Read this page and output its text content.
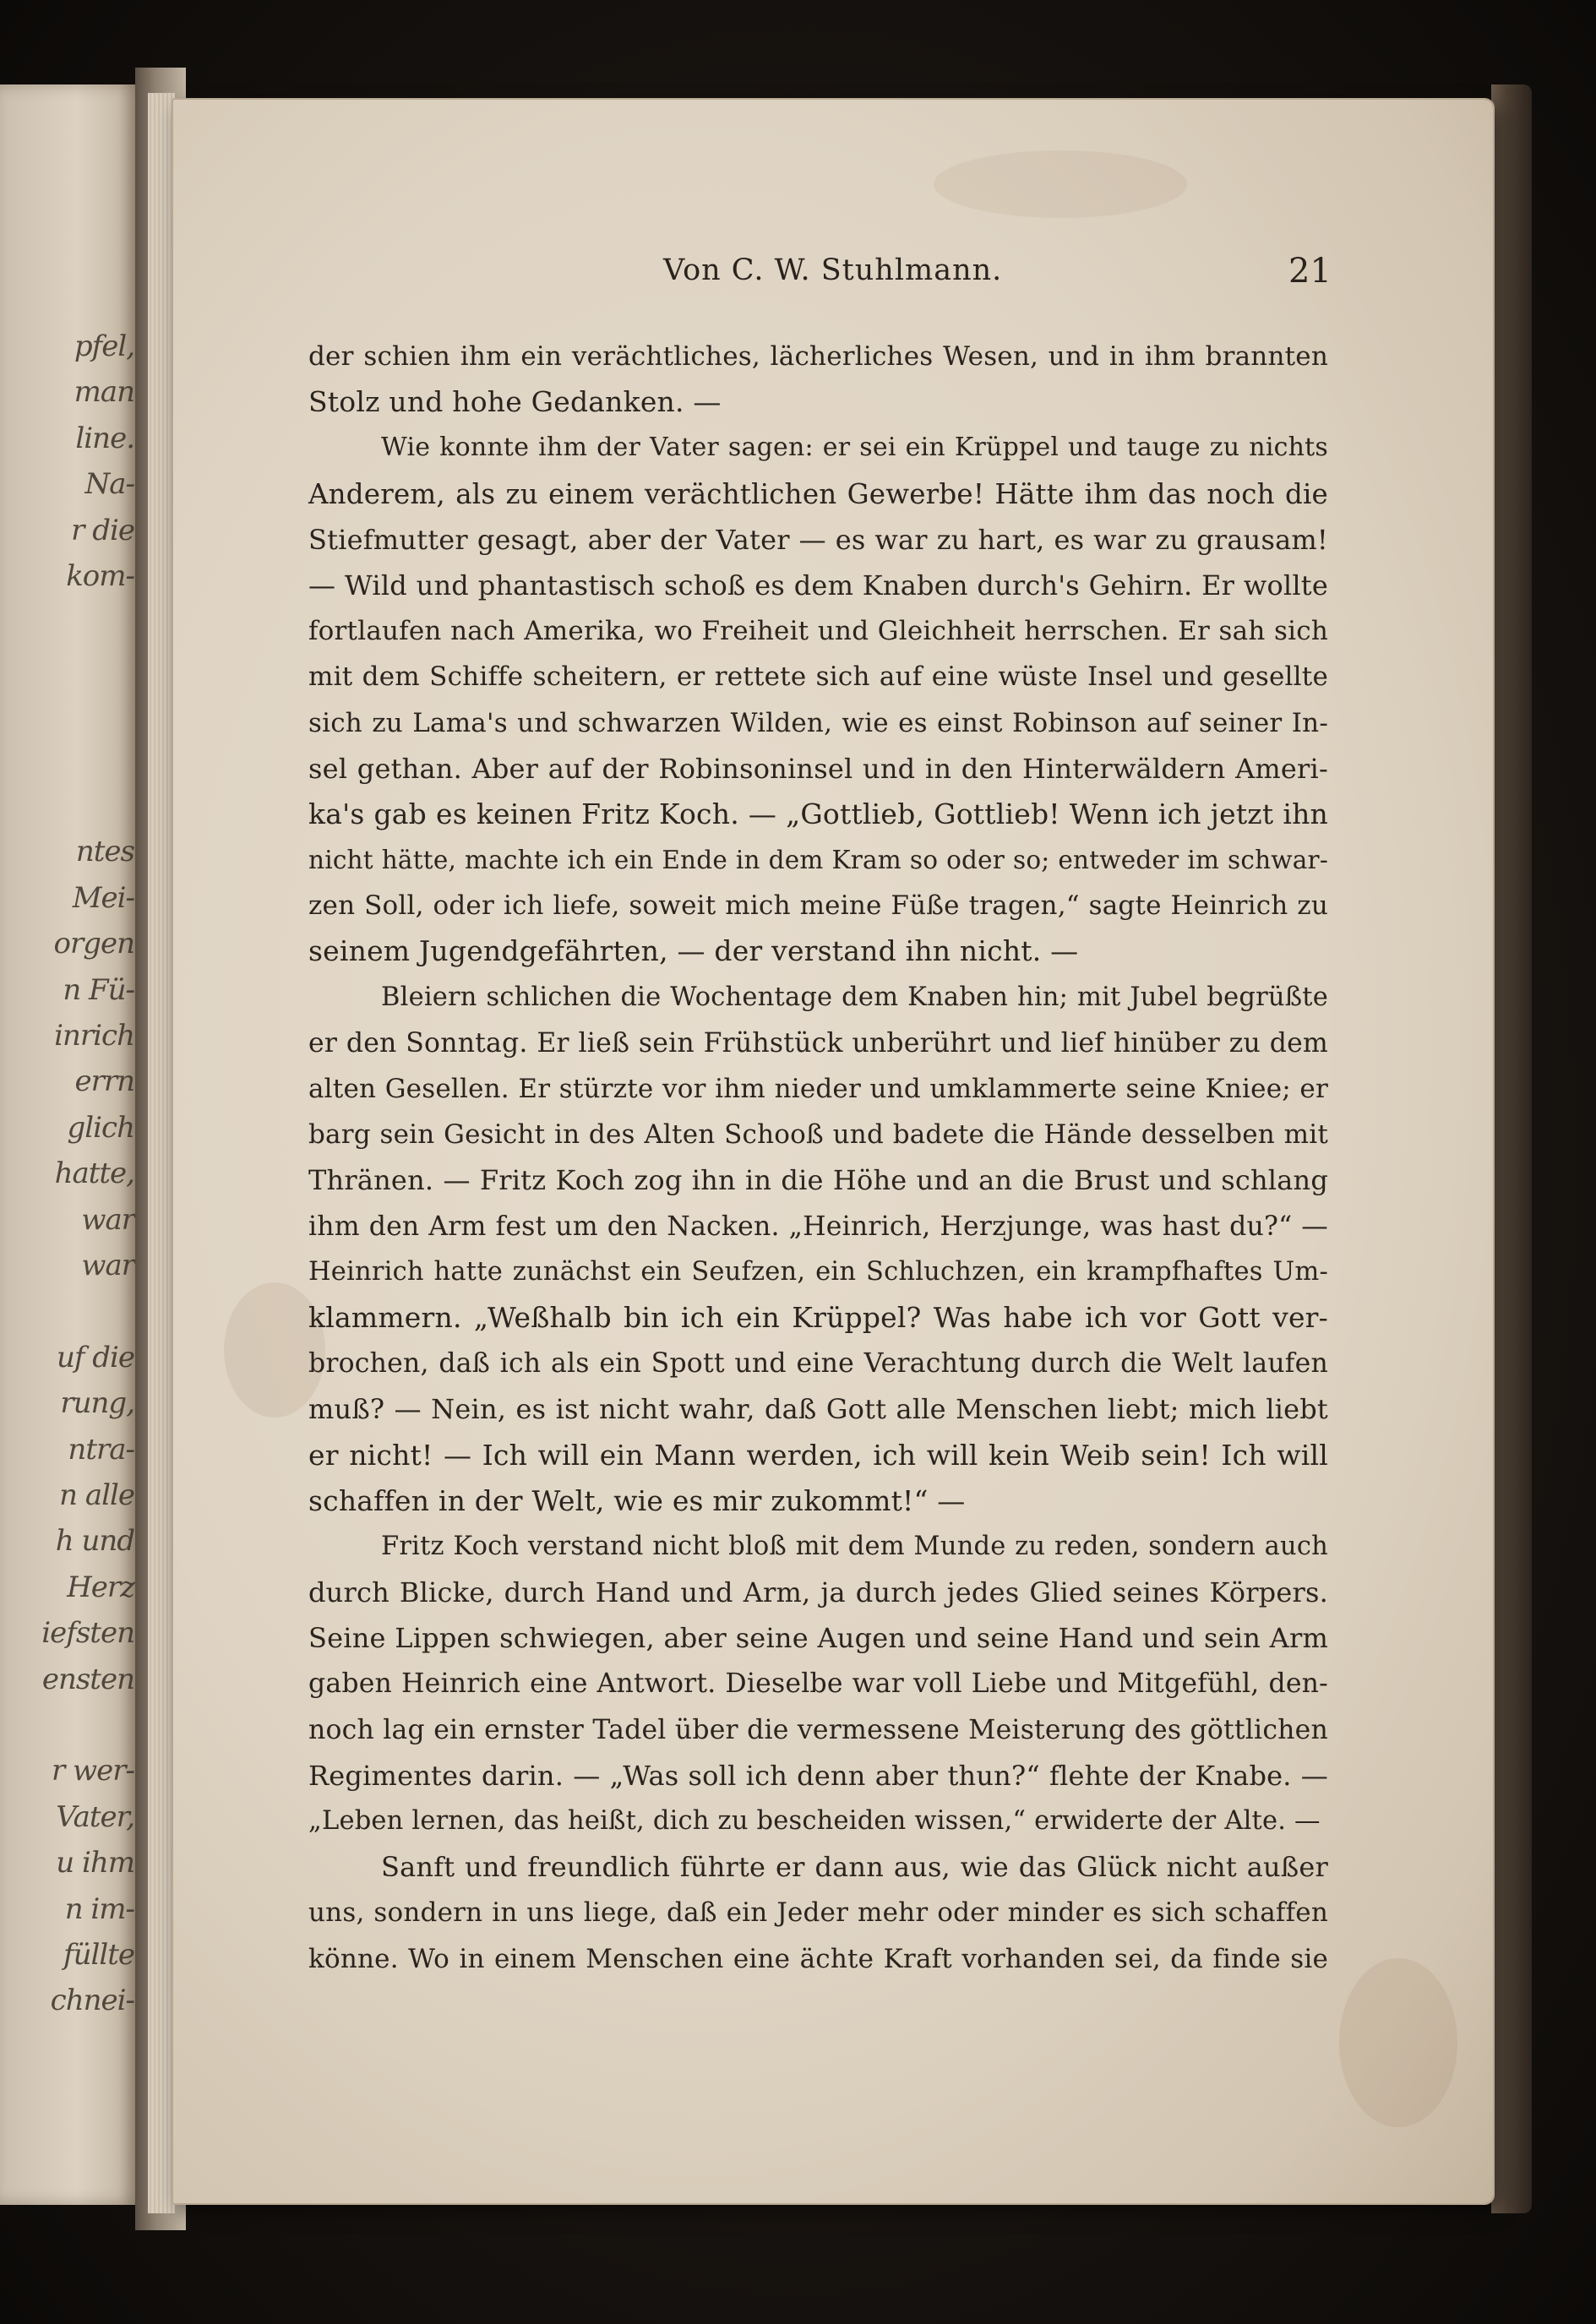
pfel,
man
line.
Na-
r die
kom-
ntes
Mei-
orgen
n Fü-
inrich
errn
glich
hatte,
war
war
uf die
rung,
ntra-
n alle
h und
Herz
iefsten
ensten
r wer-
Vater,
u ihm
n im-
füllte
chnei-
Von C. W. Stuhlmann.	21
der schien ihm ein verächtliches, lächerliches Wesen, und in ihm brannten
Stolz und hohe Gedanken. —
Wie konnte ihm der Vater sagen: er sei ein Krüppel und tauge zu nichts
Anderem, als zu einem verächtlichen Gewerbe! Hätte ihm das noch die
Stiefmutter gesagt, aber der Vater — es war zu hart, es war zu grausam!
— Wild und phantastisch schoß es dem Knaben durch's Gehirn. Er wollte
fortlaufen nach Amerika, wo Freiheit und Gleichheit herrschen. Er sah sich
mit dem Schiffe scheitern, er rettete sich auf eine wüste Insel und gesellte
sich zu Lama's und schwarzen Wilden, wie es einst Robinson auf seiner In-
sel gethan. Aber auf der Robinsoninsel und in den Hinterwäldern Ameri-
ka's gab es keinen Fritz Koch. — „Gottlieb, Gottlieb! Wenn ich jetzt ihn
nicht hätte, machte ich ein Ende in dem Kram so oder so; entweder im schwar-
zen Soll, oder ich liefe, soweit mich meine Füße tragen,“ sagte Heinrich zu
seinem Jugendgefährten, — der verstand ihn nicht. —
Bleiern schlichen die Wochentage dem Knaben hin; mit Jubel begrüßte
er den Sonntag. Er ließ sein Frühstück unberührt und lief hinüber zu dem
alten Gesellen. Er stürzte vor ihm nieder und umklammerte seine Kniee; er
barg sein Gesicht in des Alten Schooß und badete die Hände desselben mit
Thränen. — Fritz Koch zog ihn in die Höhe und an die Brust und schlang
ihm den Arm fest um den Nacken. „Heinrich, Herzjunge, was hast du?“ —
Heinrich hatte zunächst ein Seufzen, ein Schluchzen, ein krampfhaftes Um-
klammern. „Weßhalb bin ich ein Krüppel? Was habe ich vor Gott ver-
brochen, daß ich als ein Spott und eine Verachtung durch die Welt laufen
muß? — Nein, es ist nicht wahr, daß Gott alle Menschen liebt; mich liebt
er nicht! — Ich will ein Mann werden, ich will kein Weib sein! Ich will
schaffen in der Welt, wie es mir zukommt!“ —
Fritz Koch verstand nicht bloß mit dem Munde zu reden, sondern auch
durch Blicke, durch Hand und Arm, ja durch jedes Glied seines Körpers.
Seine Lippen schwiegen, aber seine Augen und seine Hand und sein Arm
gaben Heinrich eine Antwort. Dieselbe war voll Liebe und Mitgefühl, den-
noch lag ein ernster Tadel über die vermessene Meisterung des göttlichen
Regimentes darin. — „Was soll ich denn aber thun?“ flehte der Knabe. —
„Leben lernen, das heißt, dich zu bescheiden wissen,“ erwiderte der Alte. —
Sanft und freundlich führte er dann aus, wie das Glück nicht außer
uns, sondern in uns liege, daß ein Jeder mehr oder minder es sich schaffen
könne. Wo in einem Menschen eine ächte Kraft vorhanden sei, da finde sie
